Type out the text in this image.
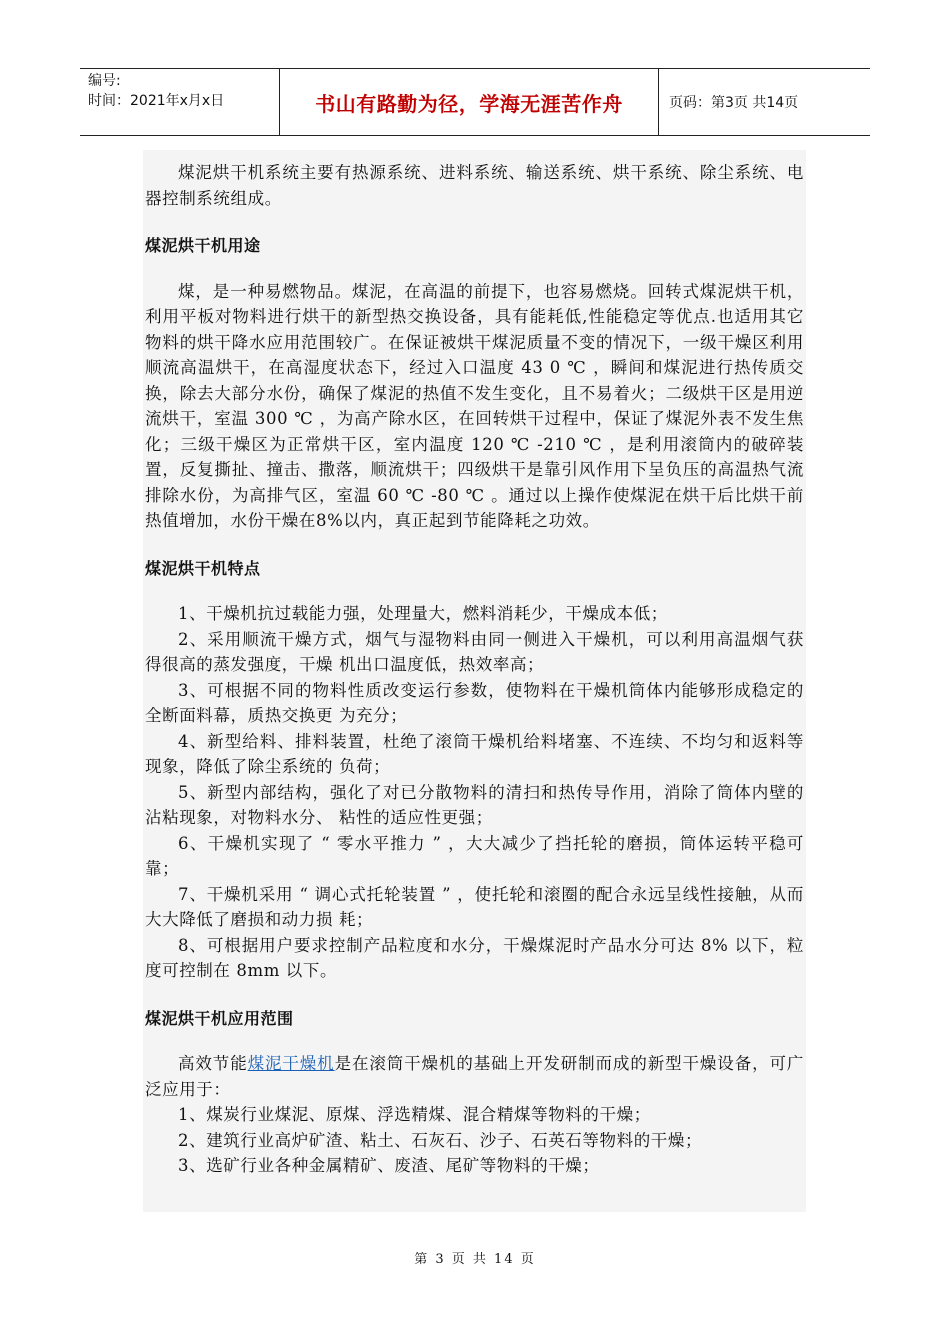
编号:
时间：2021年x月x日	书山有路勤为径，学海无涯苦作舟	页码：第3页 共14页

煤泥烘干机系统主要有热源系统、进料系统、输送系统、烘干系统、除尘系统、电器控制系统组成。

煤泥烘干机用途

煤，是一种易燃物品。煤泥，在高温的前提下，也容易燃烧。回转式煤泥烘干机，利用平板对物料进行烘干的新型热交换设备，具有能耗低,性能稳定等优点.也适用其它物料的烘干降水应用范围较广。在保证被烘干煤泥质量不变的情况下，一级干燥区利用顺流高温烘干，在高湿度状态下，经过入口温度 43 0 ℃ ，瞬间和煤泥进行热传质交换，除去大部分水份，确保了煤泥的热值不发生变化，且不易着火；二级烘干区是用逆流烘干，室温 300 ℃ ，为高产除水区，在回转烘干过程中，保证了煤泥外表不发生焦化；三级干燥区为正常烘干区，室内温度 120 ℃ -210 ℃ ，是利用滚筒内的破碎装置，反复撕扯、撞击、撒落，顺流烘干；四级烘干是靠引风作用下呈负压的高温热气流排除水份，为高排气区，室温 60 ℃ -80 ℃ 。通过以上操作使煤泥在烘干后比烘干前热值增加，水份干燥在8%以内，真正起到节能降耗之功效。

煤泥烘干机特点

1、干燥机抗过载能力强，处理量大，燃料消耗少，干燥成本低；

2、采用顺流干燥方式，烟气与湿物料由同一侧进入干燥机，可以利用高温烟气获得很高的蒸发强度，干燥 机出口温度低，热效率高；

3、可根据不同的物料性质改变运行参数，使物料在干燥机筒体内能够形成稳定的全断面料幕，质热交换更 为充分；

4、新型给料、排料装置，杜绝了滚筒干燥机给料堵塞、不连续、不均匀和返料等现象，降低了除尘系统的 负荷；

5、新型内部结构，强化了对已分散物料的清扫和热传导作用，消除了筒体内壁的沾粘现象，对物料水分、 粘性的适应性更强；

6、干燥机实现了 “ 零水平推力 ” ，大大减少了挡托轮的磨损，筒体运转平稳可靠；

7、干燥机采用 “ 调心式托轮装置 ” ，使托轮和滚圈的配合永远呈线性接触，从而大大降低了磨损和动力损 耗；

8、可根据用户要求控制产品粒度和水分，干燥煤泥时产品水分可达 8% 以下，粒度可控制在 8mm 以下。

煤泥烘干机应用范围

高效节能煤泥干燥机是在滚筒干燥机的基础上开发研制而成的新型干燥设备，可广泛应用于：

1、煤炭行业煤泥、原煤、浮选精煤、混合精煤等物料的干燥；

2、建筑行业高炉矿渣、粘土、石灰石、沙子、石英石等物料的干燥；

3、选矿行业各种金属精矿、废渣、尾矿等物料的干燥；

第 3 页 共 14 页
